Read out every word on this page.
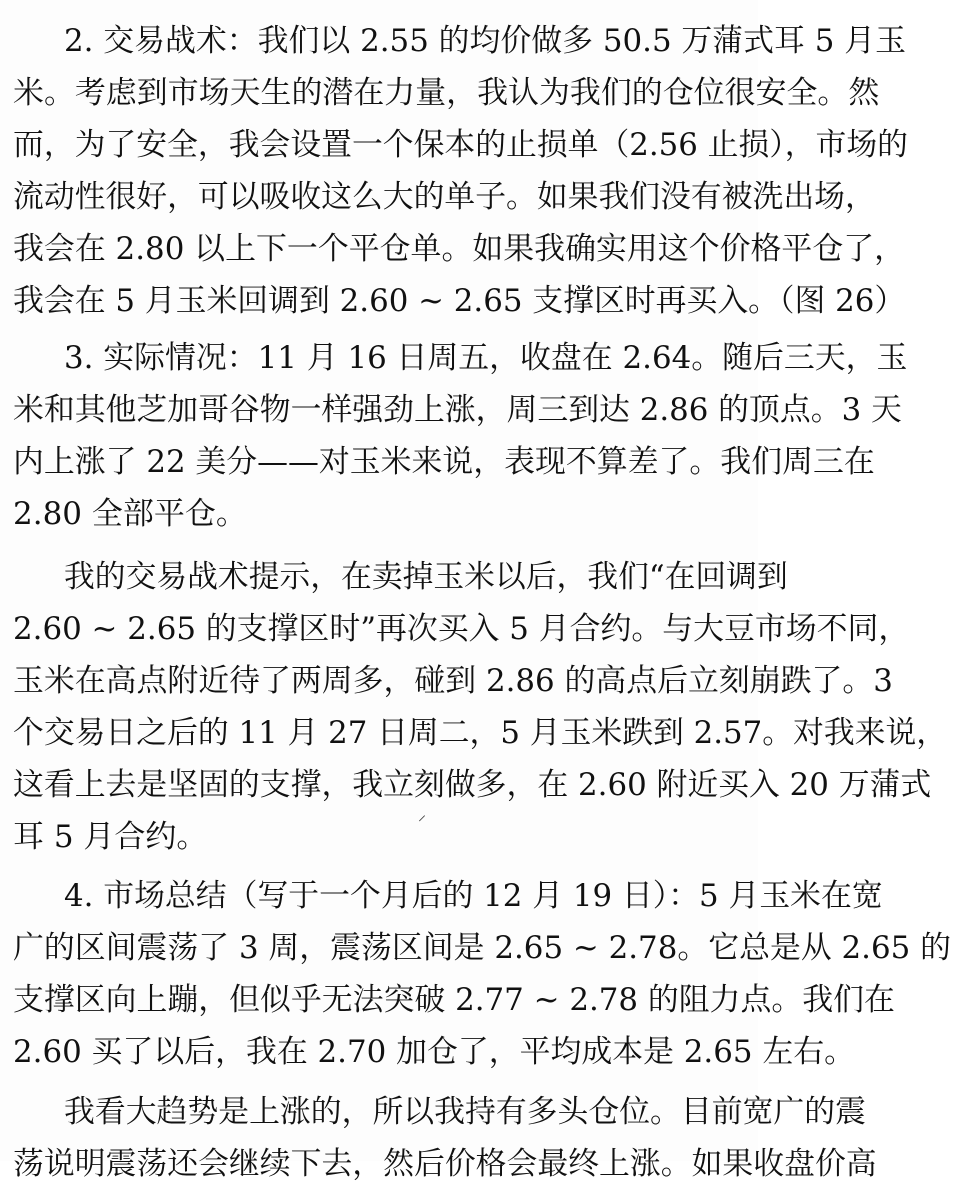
2. 交易战术：我们以 2.55 的均价做多 50.5 万蒲式耳 5 月玉
米。考虑到市场天生的潜在力量，我认为我们的仓位很安全。然
而，为了安全，我会设置一个保本的止损单（2.56 止损），市场的
流动性很好，可以吸收这么大的单子。如果我们没有被洗出场，
我会在 2.80 以上下一个平仓单。如果我确实用这个价格平仓了，
我会在 5 月玉米回调到 2.60 ~ 2.65 支撑区时再买入。（图 26）
3. 实际情况：11 月 16 日周五，收盘在 2.64。随后三天，玉
米和其他芝加哥谷物一样强劲上涨，周三到达 2.86 的顶点。3 天
内上涨了 22 美分——对玉米来说，表现不算差了。我们周三在
2.80 全部平仓。
我的交易战术提示，在卖掉玉米以后，我们“在回调到
2.60 ~ 2.65 的支撑区时”再次买入 5 月合约。与大豆市场不同，
玉米在高点附近待了两周多，碰到 2.86 的高点后立刻崩跌了。3
个交易日之后的 11 月 27 日周二，5 月玉米跌到 2.57。对我来说，
这看上去是坚固的支撑，我立刻做多，在 2.60 附近买入 20 万蒲式
耳 5 月合约。
⸝
4. 市场总结（写于一个月后的 12 月 19 日）：5 月玉米在宽
广的区间震荡了 3 周，震荡区间是 2.65 ~ 2.78。它总是从 2.65 的
支撑区向上蹦，但似乎无法突破 2.77 ~ 2.78 的阻力点。我们在
2.60 买了以后，我在 2.70 加仓了，平均成本是 2.65 左右。
我看大趋势是上涨的，所以我持有多头仓位。目前宽广的震
荡说明震荡还会继续下去，然后价格会最终上涨。如果收盘价高
